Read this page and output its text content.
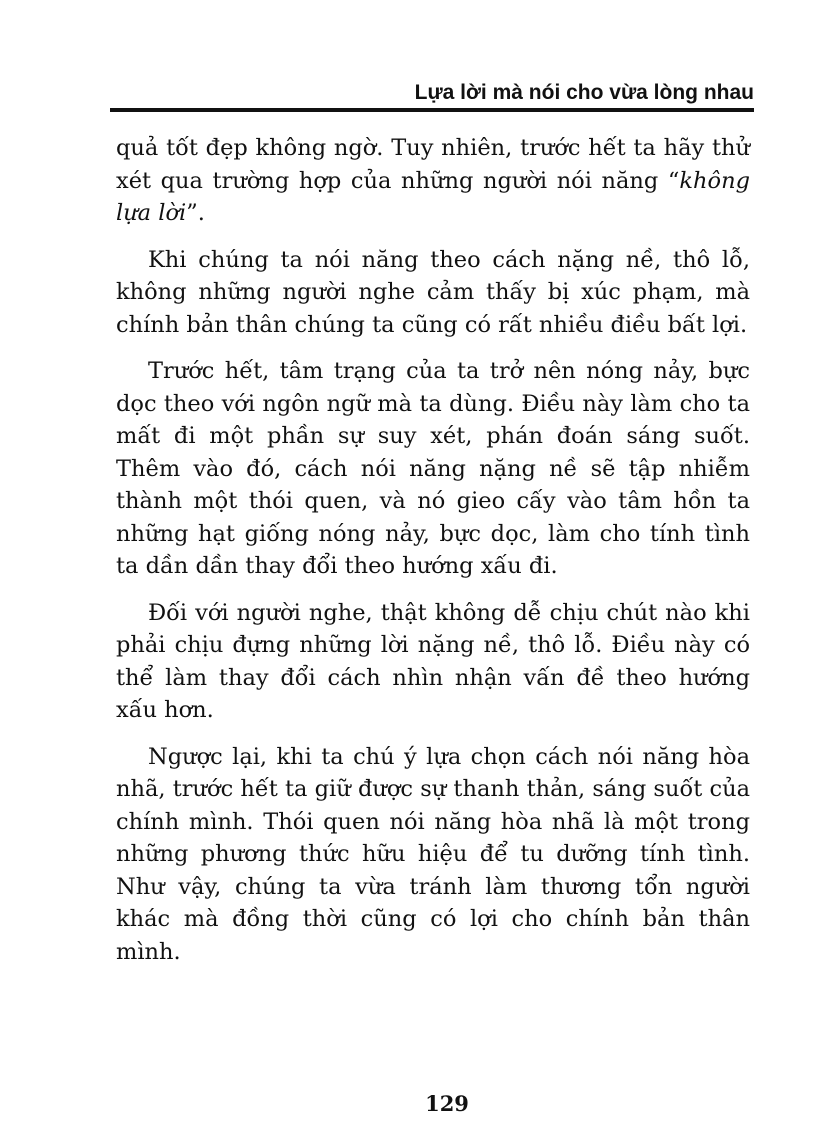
Lựa lời mà nói cho vừa lòng nhau

quả tốt đẹp không ngờ. Tuy nhiên, trước hết ta hãy thử xét qua trường hợp của những người nói năng “không lựa lời”.

Khi chúng ta nói năng theo cách nặng nề, thô lỗ, không những người nghe cảm thấy bị xúc phạm, mà chính bản thân chúng ta cũng có rất nhiều điều bất lợi.

Trước hết, tâm trạng của ta trở nên nóng nảy, bực dọc theo với ngôn ngữ mà ta dùng. Điều này làm cho ta mất đi một phần sự suy xét, phán đoán sáng suốt. Thêm vào đó, cách nói năng nặng nề sẽ tập nhiễm thành một thói quen, và nó gieo cấy vào tâm hồn ta những hạt giống nóng nảy, bực dọc, làm cho tính tình ta dần dần thay đổi theo hướng xấu đi.

Đối với người nghe, thật không dễ chịu chút nào khi phải chịu đựng những lời nặng nề, thô lỗ. Điều này có thể làm thay đổi cách nhìn nhận vấn đề theo hướng xấu hơn.

Ngược lại, khi ta chú ý lựa chọn cách nói năng hòa nhã, trước hết ta giữ được sự thanh thản, sáng suốt của chính mình. Thói quen nói năng hòa nhã là một trong những phương thức hữu hiệu để tu dưỡng tính tình. Như vậy, chúng ta vừa tránh làm thương tổn người khác mà đồng thời cũng có lợi cho chính bản thân mình.

129
